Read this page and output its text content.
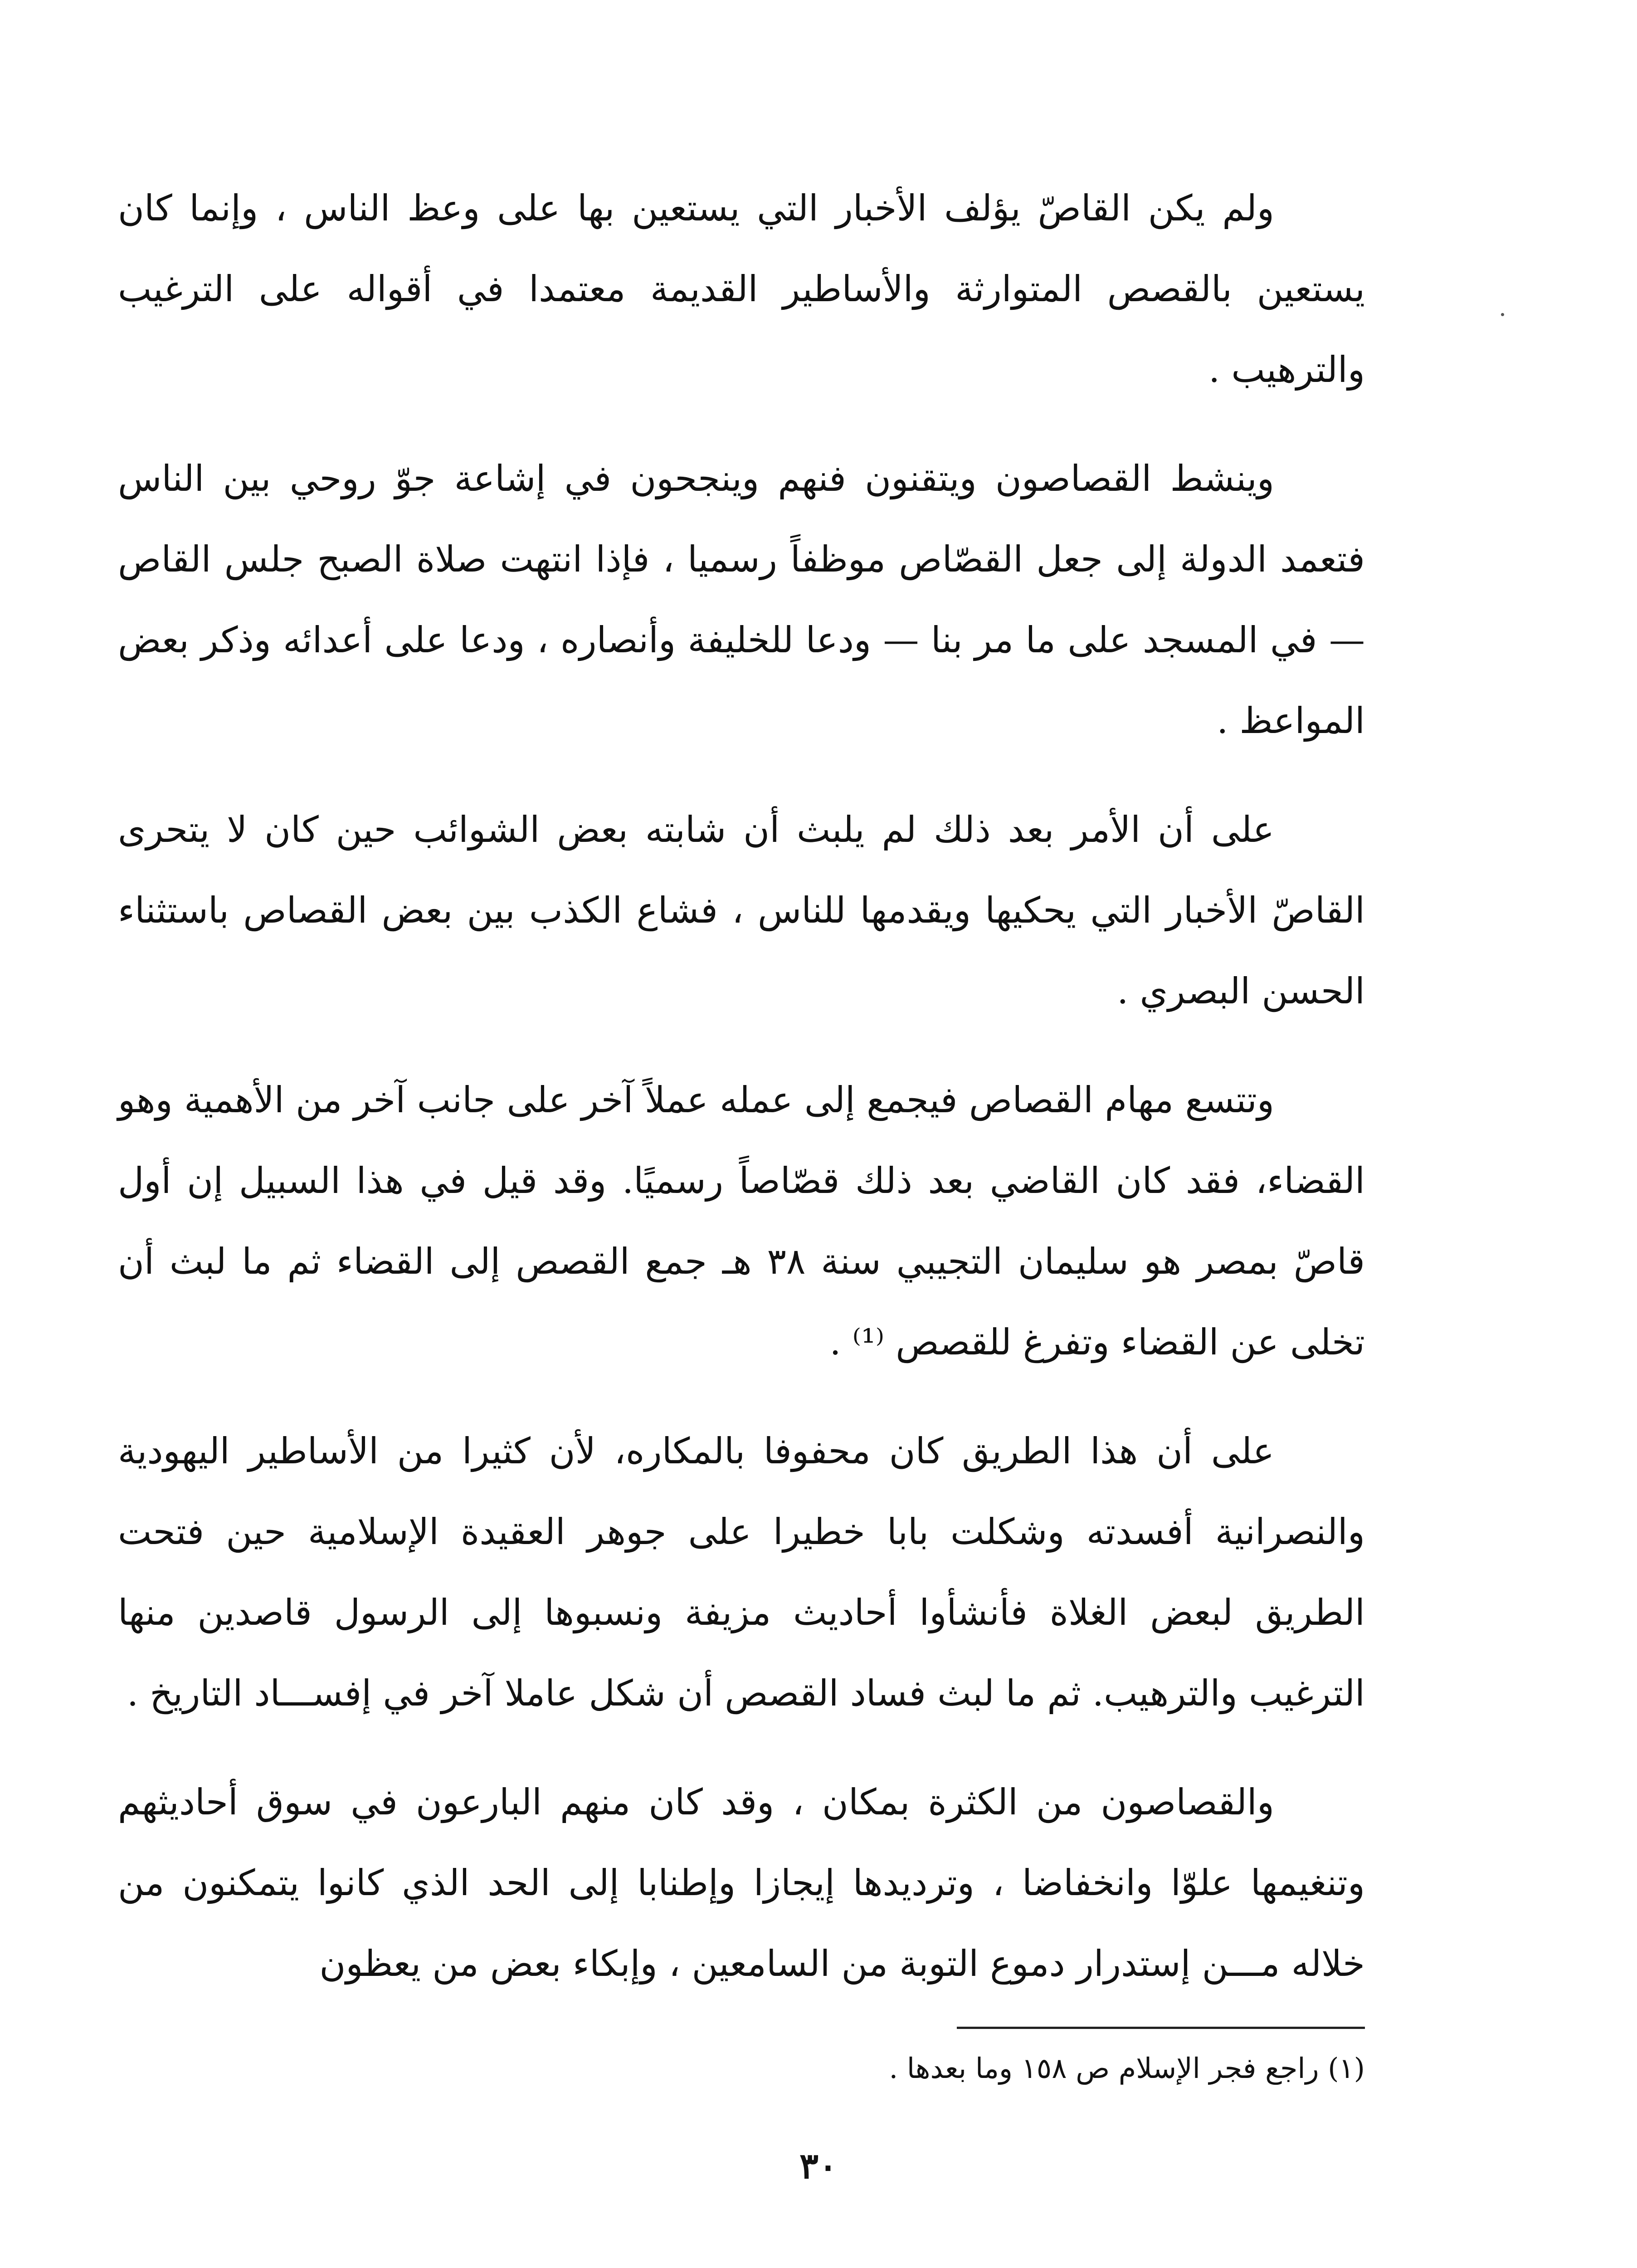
ولم يكن القاصّ يؤلف الأخبار التي يستعين بها على وعظ الناس ، وإنما كان يستعين بالقصص المتوارثة والأساطير القديمة معتمدا في أقواله على الترغيب والترهيب .

وينشط القصاصون ويتقنون فنهم وينجحون في إشاعة جوّ روحي بين الناس فتعمد الدولة إلى جعل القصّاص موظفاً رسميا ، فإذا انتهت صلاة الصبح جلس القاص — في المسجد على ما مر بنا — ودعا للخليفة وأنصاره ، ودعا على أعدائه وذكر بعض المواعظ .

على أن الأمر بعد ذلك لم يلبث أن شابته بعض الشوائب حين كان لا يتحرى القاصّ الأخبار التي يحكيها ويقدمها للناس ، فشاع الكذب بين بعض القصاص باستثناء الحسن البصري .

وتتسع مهام القصاص فيجمع إلى عمله عملاً آخر على جانب آخر من الأهمية وهو القضاء، فقد كان القاضي بعد ذلك قصّاصاً رسميًا. وقد قيل في هذا السبيل إن أول قاصّ بمصر هو سليمان التجيبي سنة ٣٨ هـ جمع القصص إلى القضاء ثم ما لبث أن تخلى عن القضاء وتفرغ للقصص ⁽¹⁾ .

على أن هذا الطريق كان محفوفا بالمكاره، لأن كثيرا من الأساطير اليهودية والنصرانية أفسدته وشكلت بابا خطيرا على جوهر العقيدة الإسلامية حين فتحت الطريق لبعض الغلاة فأنشأوا أحاديث مزيفة ونسبوها إلى الرسول قاصدين منها الترغيب والترهيب. ثم ما لبث فساد القصص أن شكل عاملا آخر في إفســـاد التاريخ .

والقصاصون من الكثرة بمكان ، وقد كان منهم البارعون في سوق أحاديثهم وتنغيمها علوّا وانخفاضا ، وترديدها إيجازا وإطنابا إلى الحد الذي كانوا يتمكنون من خلاله مـــن إستدرار دموع التوبة من السامعين ، وإبكاء بعض من يعظون

(١) راجع فجر الإسلام ص ١٥٨ وما بعدها .
٣٠
